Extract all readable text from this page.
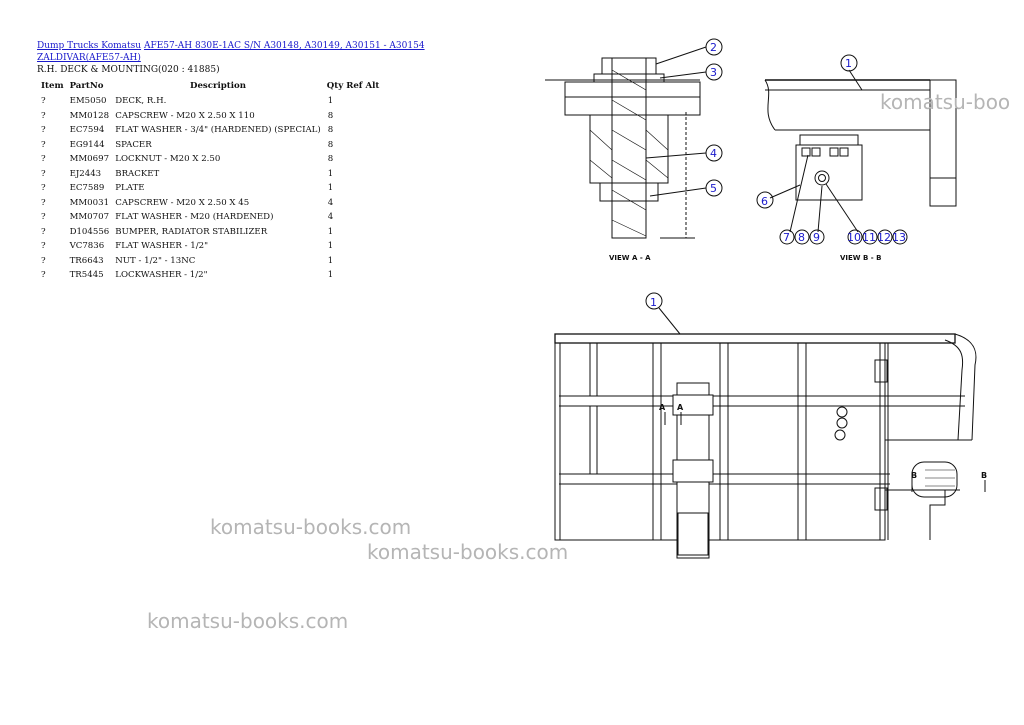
Dump Trucks Komatsu AFE57-AH 830E-1AC S/N A30148, A30149, A30151 - A30154
ZALDIVAR(AFE57-AH)
R.H. DECK & MOUNTING(020 : 41885)
Item	PartNo	Description	Qty Ref Alt
?	EM5050	DECK, R.H.	1
?	MM0128	CAPSCREW - M20 X 2.50 X 110	8
?	EC7594	FLAT WASHER - 3/4" (HARDENED) (SPECIAL)	8
?	EG9144	SPACER	8
?	MM0697	LOCKNUT - M20 X 2.50	8
?	EJ2443	BRACKET	1
?	EC7589	PLATE	1
?	MM0031	CAPSCREW - M20 X 2.50 X 45	4
?	MM0707	FLAT WASHER - M20 (HARDENED)	4
?	D104556	BUMPER, RADIATOR STABILIZER	1
?	VC7836	FLAT WASHER - 1/2"	1
?	TR6643	NUT - 1/2" - 13NC	1
?	TR5445	LOCKWASHER - 1/2"	1
2
3
4
5
VIEW A - A
1
6
7 8 9 10 11 12 13
VIEW B - B
1
B	B
A A
komatsu-boo
komatsu-books.com
komatsu-books.com
komatsu-books.com
